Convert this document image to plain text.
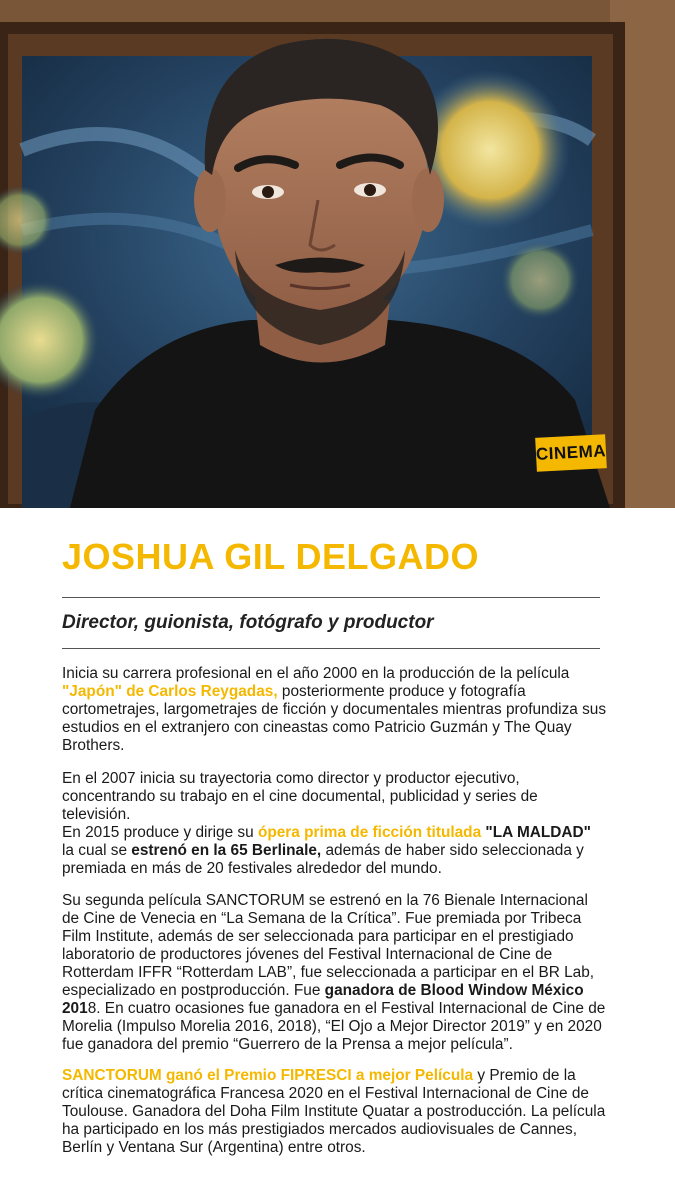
CINEMA
JOSHUA GIL DELGADO
Director, guionista, fotógrafo y productor
Inicia su carrera profesional en el año 2000 en la producción de la película
"Japón" de Carlos Reygadas, posteriormente produce y fotografía cortometrajes, largometrajes de ficción y documentales mientras profundiza sus estudios en el extranjero con cineastas como Patricio Guzmán y The Quay Brothers.
En el 2007 inicia su trayectoria como director y productor ejecutivo, concentrando su trabajo en el cine documental, publicidad y series de televisión.
En 2015 produce y dirige su ópera prima de ficción titulada "LA MALDAD"
la cual se estrenó en la 65 Berlinale, además de haber sido seleccionada y premiada en más de 20 festivales alrededor del mundo.
Su segunda película SANCTORUM se estrenó en la 76 Bienale Internacional de Cine de Venecia en “La Semana de la Crítica”. Fue premiada por Tribeca Film Institute, además de ser seleccionada para participar en el prestigiado laboratorio de productores jóvenes del Festival Internacional de Cine de Rotterdam IFFR “Rotterdam LAB”, fue seleccionada a participar en el BR Lab, especializado en postproducción. Fue ganadora de Blood Window México 2018. En cuatro ocasiones fue ganadora en el Festival Internacional de Cine de Morelia (Impulso Morelia 2016, 2018), “El Ojo a Mejor Director 2019” y en 2020 fue ganadora del premio “Guerrero de la Prensa a mejor película”.
SANCTORUM ganó el Premio FIPRESCI a mejor Película y Premio de la crítica cinematográfica Francesa 2020 en el Festival Internacional de Cine de Toulouse. Ganadora del Doha Film Institute Quatar a postroducción. La película ha participado en los más prestigiados mercados audiovisuales de Cannes, Berlín y Ventana Sur (Argentina) entre otros.
